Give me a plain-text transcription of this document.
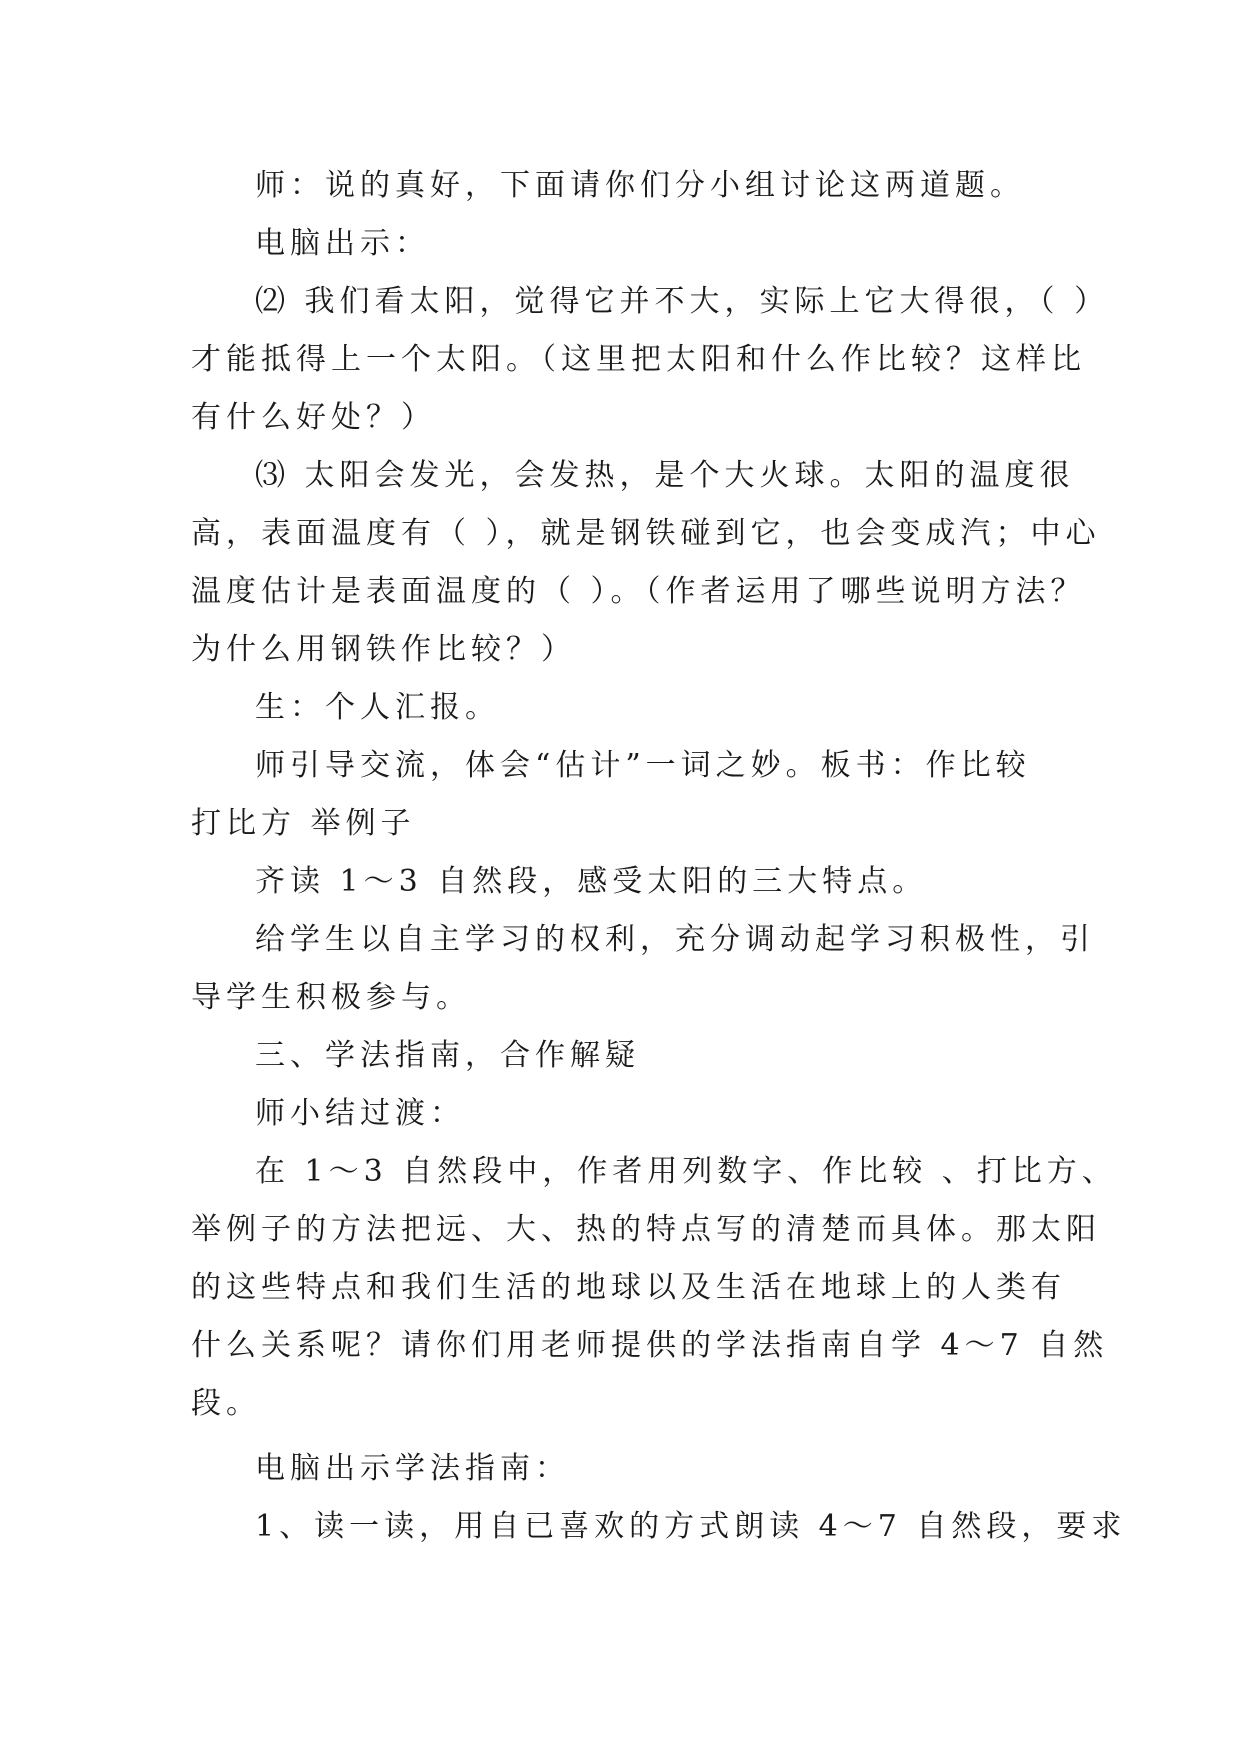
师：说的真好，下面请你们分小组讨论这两道题。
电脑出示：
⑵ 我们看太阳，觉得它并不大，实际上它大得很，（ ）
才能抵得上一个太阳。（这里把太阳和什么作比较？这样比
有什么好处？）
⑶ 太阳会发光，会发热，是个大火球。太阳的温度很
高，表面温度有（ ），就是钢铁碰到它，也会变成汽；中心
温度估计是表面温度的（ ）。（作者运用了哪些说明方法？
为什么用钢铁作比较？）
生：个人汇报。
师引导交流，体会“估计”一词之妙。板书：作比较
打比方 举例子
齐读 1～3 自然段，感受太阳的三大特点。
给学生以自主学习的权利，充分调动起学习积极性，引
导学生积极参与。
三、学法指南，合作解疑
师小结过渡：
在 1～3 自然段中，作者用列数字、作比较 、打比方、
举例子的方法把远、大、热的特点写的清楚而具体。那太阳
的这些特点和我们生活的地球以及生活在地球上的人类有
什么关系呢？请你们用老师提供的学法指南自学 4～7 自然
段。
电脑出示学法指南：
1、读一读，用自已喜欢的方式朗读 4～7 自然段，要求
